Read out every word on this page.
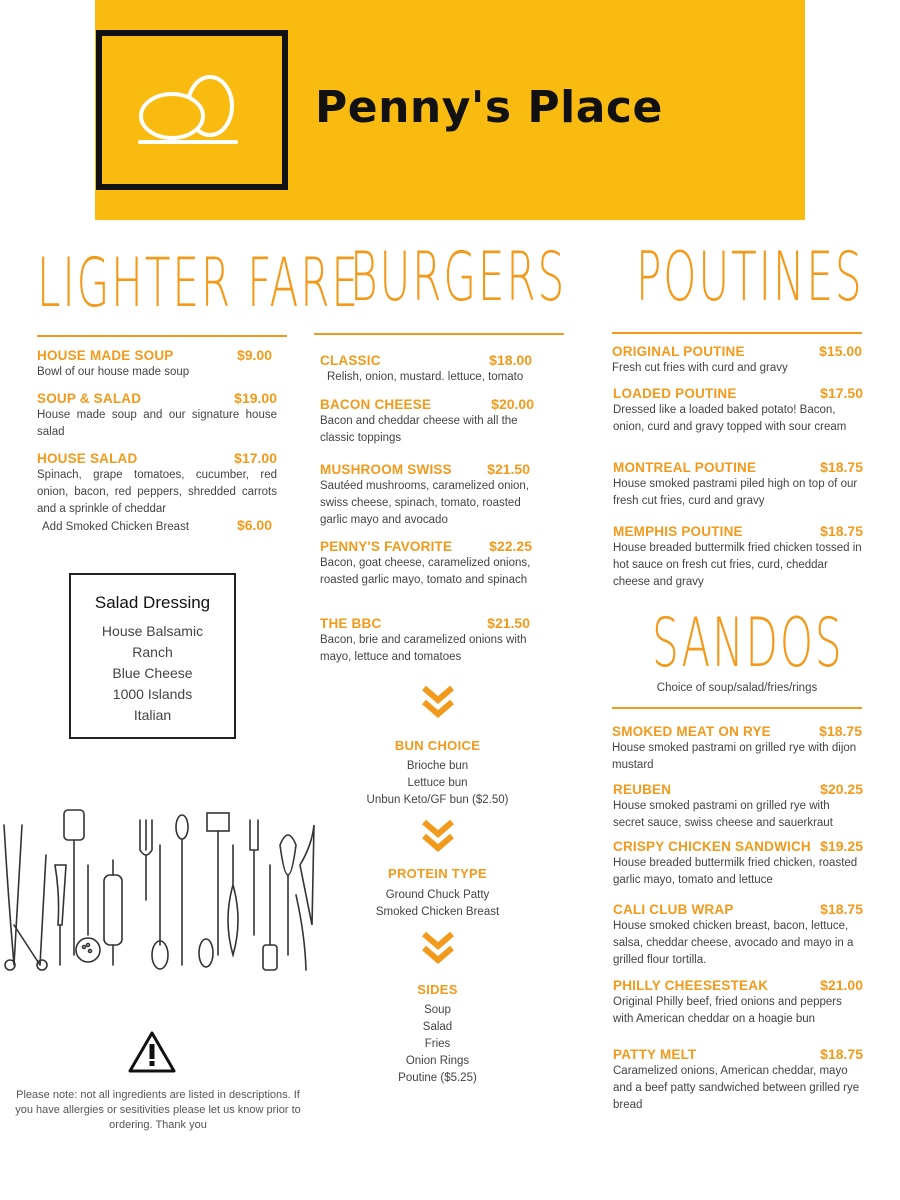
Penny's Place
LIGHTER FARE
BURGERS POUTINES
HOUSE MADE SOUP	$9.00
Bowl of our house made soup
SOUP & SALAD	$19.00
House made soup and our signature house salad
HOUSE SALAD	$17.00
Spinach, grape tomatoes, cucumber, red onion, bacon, red peppers, shredded carrots and a sprinkle of cheddar
Add Smoked Chicken Breast	$6.00
Salad Dressing
House Balsamic
Ranch
Blue Cheese
1000 Islands
Italian
Please note: not all ingredients are listed in descriptions. If you have allergies or sesitivities please let us know prior to ordering. Thank you
CLASSIC	$18.00
Relish, onion, mustard. lettuce, tomato
BACON CHEESE	$20.00
Bacon and cheddar cheese with all the classic toppings
MUSHROOM SWISS	$21.50
Sautéed mushrooms, caramelized onion, swiss cheese, spinach, tomato, roasted garlic mayo and avocado
PENNY'S FAVORITE	$22.25
Bacon, goat cheese, caramelized onions, roasted garlic mayo, tomato and spinach
THE BBC	$21.50
Bacon, brie and caramelized onions with mayo, lettuce and tomatoes
BUN CHOICE
Brioche bun
Lettuce bun
Unbun Keto/GF bun ($2.50)
PROTEIN TYPE
Ground Chuck Patty
Smoked Chicken Breast
SIDES
Soup
Salad
Fries
Onion Rings
Poutine ($5.25)
ORIGINAL POUTINE	$15.00
Fresh cut fries with curd and gravy
LOADED POUTINE	$17.50
Dressed like a loaded baked potato! Bacon, onion, curd and gravy topped with sour cream
MONTREAL POUTINE	$18.75
House smoked pastrami piled high on top of our fresh cut fries, curd and gravy
MEMPHIS POUTINE	$18.75
House breaded buttermilk fried chicken tossed in hot sauce on fresh cut fries, curd, cheddar cheese and gravy
SANDOS
Choice of soup/salad/fries/rings
SMOKED MEAT ON RYE	$18.75
House smoked pastrami on grilled rye with dijon mustard
REUBEN	$20.25
House smoked pastrami on grilled rye with secret sauce, swiss cheese and sauerkraut
CRISPY CHICKEN SANDWICH $19.25
House breaded buttermilk fried chicken, roasted garlic mayo, tomato and lettuce
CALI CLUB WRAP	$18.75
House smoked chicken breast, bacon, lettuce, salsa, cheddar cheese, avocado and mayo in a grilled flour tortilla.
PHILLY CHEESESTEAK	$21.00
Original Philly beef, fried onions and peppers with American cheddar on a hoagie bun
PATTY MELT	$18.75
Caramelized onions, American cheddar, mayo and a beef patty sandwiched between grilled rye bread
